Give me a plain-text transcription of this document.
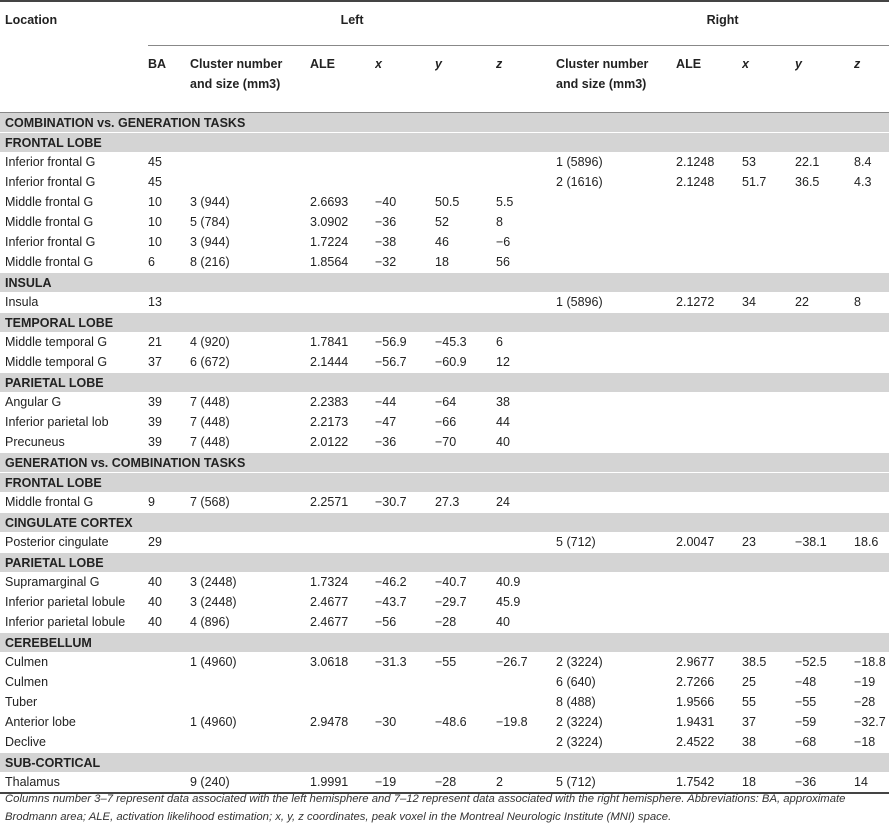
Location	Left						Right				
	BA	Cluster number
and size (mm3)	ALE	x	y	z	Cluster number
and size (mm3)	ALE	x	y	z
COMBINATION vs. GENERATION TASKS											
FRONTAL LOBE											
Inferior frontal G	45						1 (5896)	2.1248	53	22.1	8.4
Inferior frontal G	45						2 (1616)	2.1248	51.7	36.5	4.3
Middle frontal G	10	3 (944)	2.6693	−40	50.5	5.5					
Middle frontal G	10	5 (784)	3.0902	−36	52	8					
Inferior frontal G	10	3 (944)	1.7224	−38	46	−6					
Middle frontal G	6	8 (216)	1.8564	−32	18	56					
INSULA											
Insula	13						1 (5896)	2.1272	34	22	8
TEMPORAL LOBE											
Middle temporal G	21	4 (920)	1.7841	−56.9	−45.3	6					
Middle temporal G	37	6 (672)	2.1444	−56.7	−60.9	12					
PARIETAL LOBE											
Angular G	39	7 (448)	2.2383	−44	−64	38					
Inferior parietal lob	39	7 (448)	2.2173	−47	−66	44					
Precuneus	39	7 (448)	2.0122	−36	−70	40					
GENERATION vs. COMBINATION TASKS											
FRONTAL LOBE											
Middle frontal G	9	7 (568)	2.2571	−30.7	27.3	24					
CINGULATE CORTEX											
Posterior cingulate	29						5 (712)	2.0047	23	−38.1	18.6
PARIETAL LOBE											
Supramarginal G	40	3 (2448)	1.7324	−46.2	−40.7	40.9					
Inferior parietal lobule	40	3 (2448)	2.4677	−43.7	−29.7	45.9					
Inferior parietal lobule	40	4 (896)	2.4677	−56	−28	40					
CEREBELLUM											
Culmen		1 (4960)	3.0618	−31.3	−55	−26.7	2 (3224)	2.9677	38.5	−52.5	−18.8
Culmen							6 (640)	2.7266	25	−48	−19
Tuber							8 (488)	1.9566	55	−55	−28
Anterior lobe		1 (4960)	2.9478	−30	−48.6	−19.8	2 (3224)	1.9431	37	−59	−32.7
Declive							2 (3224)	2.4522	38	−68	−18
SUB-CORTICAL											
Thalamus		9 (240)	1.9991	−19	−28	2	5 (712)	1.7542	18	−36	14
Columns number 3–7 represent data associated with the left hemisphere and 7–12 represent data associated with the right hemisphere. Abbreviations: BA, approximate Brodmann area; ALE, activation likelihood estimation; x, y, z coordinates, peak voxel in the Montreal Neurologic Institute (MNI) space.
